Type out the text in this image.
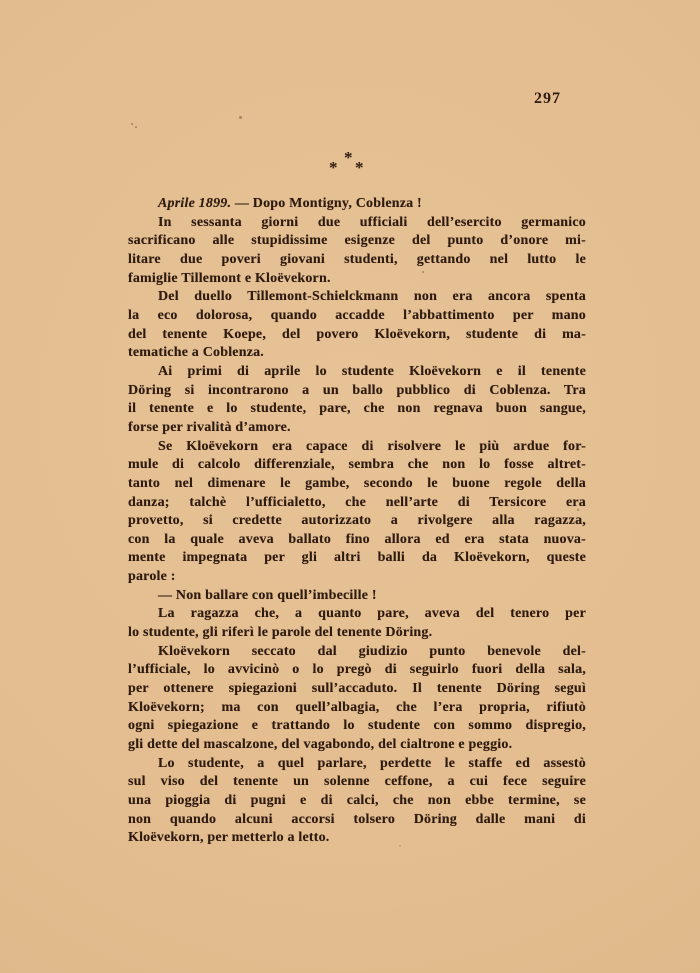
297
*
* *
Aprile 1899. — Dopo Montigny, Coblenza !
In sessanta giorni due ufficiali dell’esercito germanico
sacrificano alle stupidissime esigenze del punto d’onore mi-
litare due poveri giovani studenti, gettando nel lutto le
famiglie Tillemont e Kloëvekorn.
Del duello Tillemont-Schielckmann non era ancora spenta
la eco dolorosa, quando accadde l’abbattimento per mano
del tenente Koepe, del povero Kloëvekorn, studente di ma-
tematiche a Coblenza.
Ai primi di aprile lo studente Kloëvekorn e il tenente
Döring si incontrarono a un ballo pubblico di Coblenza. Tra
il tenente e lo studente, pare, che non regnava buon sangue,
forse per rivalità d’amore.
Se Kloëvekorn era capace di risolvere le più ardue for-
mule di calcolo differenziale, sembra che non lo fosse altret-
tanto nel dimenare le gambe, secondo le buone regole della
danza; talchè l’ufficialetto, che nell’arte di Tersicore era
provetto, si credette autorizzato a rivolgere alla ragazza,
con la quale aveva ballato fino allora ed era stata nuova-
mente impegnata per gli altri balli da Kloëvekorn, queste
parole :
— Non ballare con quell’imbecille !
La ragazza che, a quanto pare, aveva del tenero per
lo studente, gli riferì le parole del tenente Döring.
Kloëvekorn seccato dal giudizio punto benevole del-
l’ufficiale, lo avvicinò o lo pregò di seguirlo fuori della sala,
per ottenere spiegazioni sull’accaduto. Il tenente Döring seguì
Kloëvekorn; ma con quell’albagia, che l’era propria, rifiutò
ogni spiegazione e trattando lo studente con sommo dispregio,
gli dette del mascalzone, del vagabondo, del cialtrone e peggio.
Lo studente, a quel parlare, perdette le staffe ed assestò
sul viso del tenente un solenne ceffone, a cui fece seguire
una pioggia di pugni e di calci, che non ebbe termine, se
non quando alcuni accorsi tolsero Döring dalle mani di
Kloëvekorn, per metterlo a letto.
